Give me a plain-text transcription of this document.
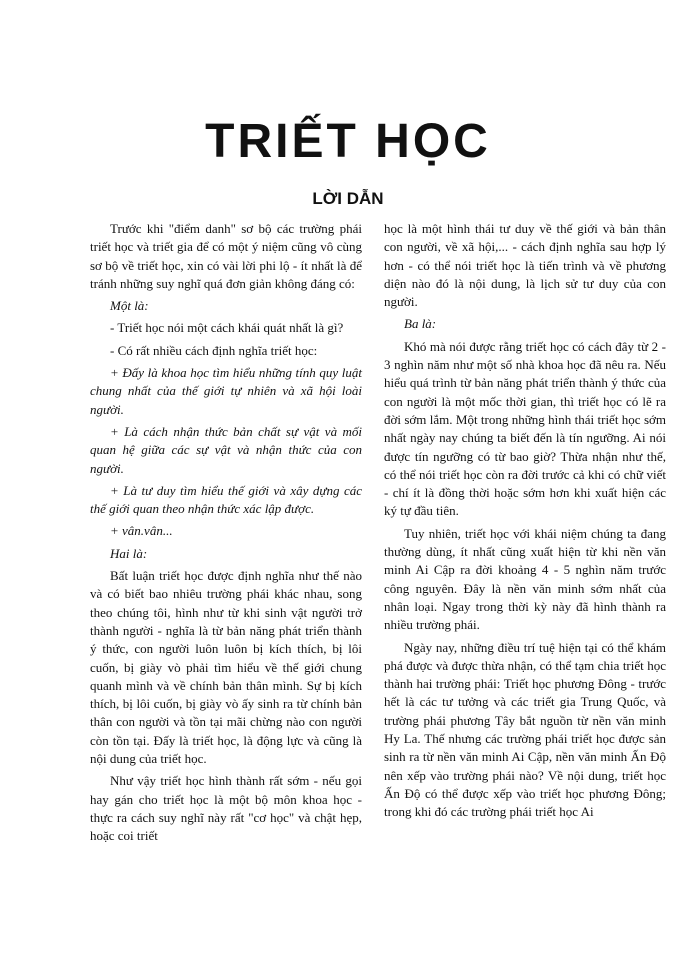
TRIẾT HỌC
LỜI DẪN

Trước khi "điểm danh" sơ bộ các trường phái triết học và triết gia để có một ý niệm cũng vô cùng sơ bộ về triết học, xin có vài lời phi lộ - ít nhất là để tránh những suy nghĩ quá đơn giản không đáng có:

Một là:

- Triết học nói một cách khái quát nhất là gì?

- Có rất nhiều cách định nghĩa triết học:

+ Đấy là khoa học tìm hiểu những tính quy luật chung nhất của thế giới tự nhiên và xã hội loài người.

+ Là cách nhận thức bản chất sự vật và mối quan hệ giữa các sự vật và nhận thức của con người.

+ Là tư duy tìm hiểu thế giới và xây dựng các thế giới quan theo nhận thức xác lập được.

+ vân.vân...

Hai là:

Bất luận triết học được định nghĩa như thế nào và có biết bao nhiêu trường phái khác nhau, song theo chúng tôi, hình như từ khi sinh vật người trở thành người - nghĩa là từ bản năng phát triển thành ý thức, con người luôn luôn bị kích thích, bị lôi cuốn, bị giày vò phải tìm hiểu về thế giới chung quanh mình và về chính bản thân mình. Sự bị kích thích, bị lôi cuốn, bị giày vò ấy sinh ra từ chính bản thân con người và tồn tại mãi chừng nào con người còn tồn tại. Đấy là triết học, là động lực và cũng là nội dung của triết học.

Như vậy triết học hình thành rất sớm - nếu gọi hay gán cho triết học là một bộ môn khoa học - thực ra cách suy nghĩ này rất "cơ học" và chật hẹp, hoặc coi triết

học là một hình thái tư duy về thế giới và bản thân con người, về xã hội,... - cách định nghĩa sau hợp lý hơn - có thể nói triết học là tiến trình và về phương diện nào đó là nội dung, là lịch sử tư duy của con người.

Ba là:

Khó mà nói được rằng triết học có cách đây từ 2 - 3 nghìn năm như một số nhà khoa học đã nêu ra. Nếu hiểu quá trình từ bản năng phát triển thành ý thức của con người là một mốc thời gian, thì triết học có lẽ ra đời sớm lắm. Một trong những hình thái triết học sớm nhất ngày nay chúng ta biết đến là tín ngưỡng. Ai nói được tín ngưỡng có từ bao giờ? Thừa nhận như thế, có thể nói triết học còn ra đời trước cả khi có chữ viết - chí ít là đồng thời hoặc sớm hơn khi xuất hiện các ký tự đầu tiên.

Tuy nhiên, triết học với khái niệm chúng ta đang thường dùng, ít nhất cũng xuất hiện từ khi nền văn minh Ai Cập ra đời khoảng 4 - 5 nghìn năm trước công nguyên. Đây là nền văn minh sớm nhất của nhân loại. Ngay trong thời kỳ này đã hình thành ra nhiều trường phái.

Ngày nay, những điều trí tuệ hiện tại có thể khám phá được và được thừa nhận, có thể tạm chia triết học thành hai trường phái: Triết học phương Đông - trước hết là các tư tưởng và các triết gia Trung Quốc, và trường phái phương Tây bắt nguồn từ nền văn minh Hy La. Thế nhưng các trường phái triết học được sản sinh ra từ nền văn minh Ai Cập, nền văn minh Ấn Độ nên xếp vào trường phái nào? Về nội dung, triết học Ấn Độ có thể được xếp vào triết học phương Đông; trong khi đó các trường phái triết học Ai
